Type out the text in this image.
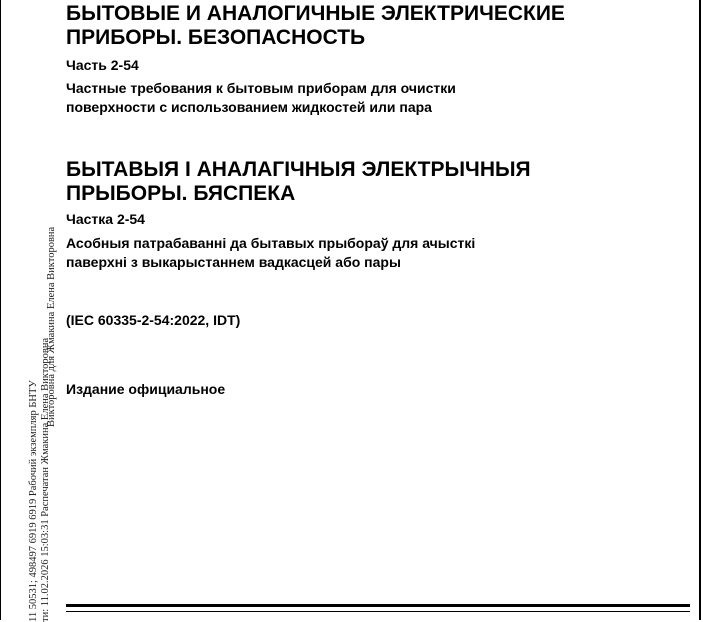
11 50531; 498497 6919 6919 Рабочий экземпляр БНТУ ти: 11.02.2026 15:03:31 Распечатан Жмакина Елена Викторовна
Викторовна для Жмакина Елена Викторовна
БЫТОВЫЕ И АНАЛОГИЧНЫЕ ЭЛЕКТРИЧЕСКИЕ
ПРИБОРЫ. БЕЗОПАСНОСТЬ

Часть 2-54

Частные требования к бытовым приборам для очистки
поверхности с использованием жидкостей или пара

БЫТАВЫЯ I АНАЛАГІЧНЫЯ ЭЛЕКТРЫЧНЫЯ
ПРЫБОРЫ. БЯСПЕКА

Частка 2-54

Асобныя патрабаванні да бытавых прыбораў для ачысткі
паверхні з выкарыстаннем вадкасцей або пары

(IEC 60335-2-54:2022, IDT)

Издание официальное
